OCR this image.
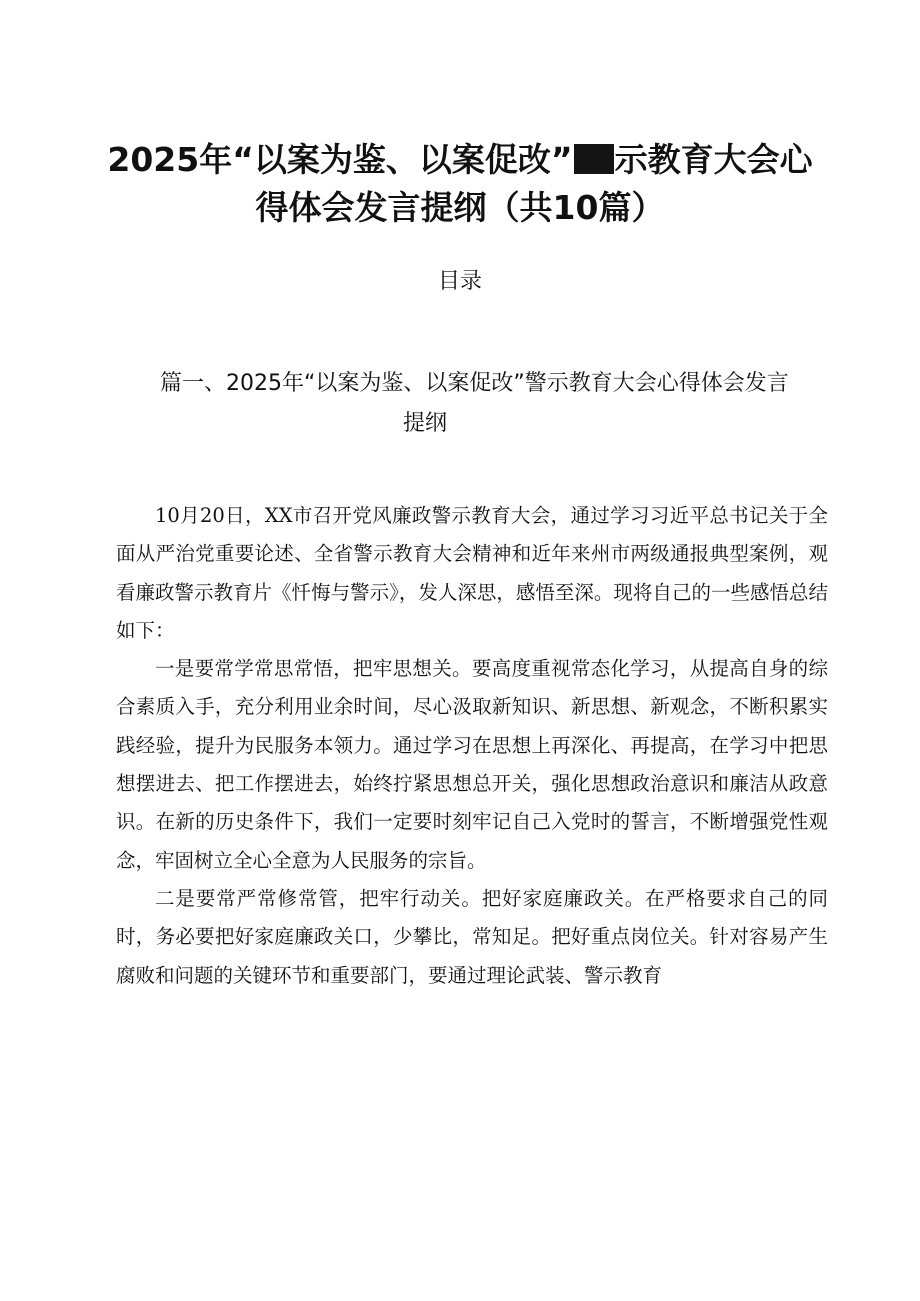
2025年“以案为鉴、以案促改” 示教育大会心
得体会发言提纲（共10篇）
目录
篇一、2025年“以案为鉴、以案促改”警示教育大会心得体会发言
提纲

10月20日，XX市召开党风廉政警示教育大会，通过学习习近平总书记关于全面从严治党重要论述、全省警示教育大会精神和近年来州市两级通报典型案例，观看廉政警示教育片《忏悔与警示》，发人深思，感悟至深。现将自己的一些感悟总结如下：

一是要常学常思常悟，把牢思想关。要高度重视常态化学习，从提高自身的综合素质入手，充分利用业余时间，尽心汲取新知识、新思想、新观念，不断积累实践经验，提升为民服务本领力。通过学习在思想上再深化、再提高，在学习中把思想摆进去、把工作摆进去，始终拧紧思想总开关，强化思想政治意识和廉洁从政意识。在新的历史条件下，我们一定要时刻牢记自己入党时的誓言，不断增强党性观念，牢固树立全心全意为人民服务的宗旨。

二是要常严常修常管，把牢行动关。把好家庭廉政关。在严格要求自己的同时，务必要把好家庭廉政关口，少攀比，常知足。把好重点岗位关。针对容易产生腐败和问题的关键环节和重要部门，要通过理论武装、警示教育
